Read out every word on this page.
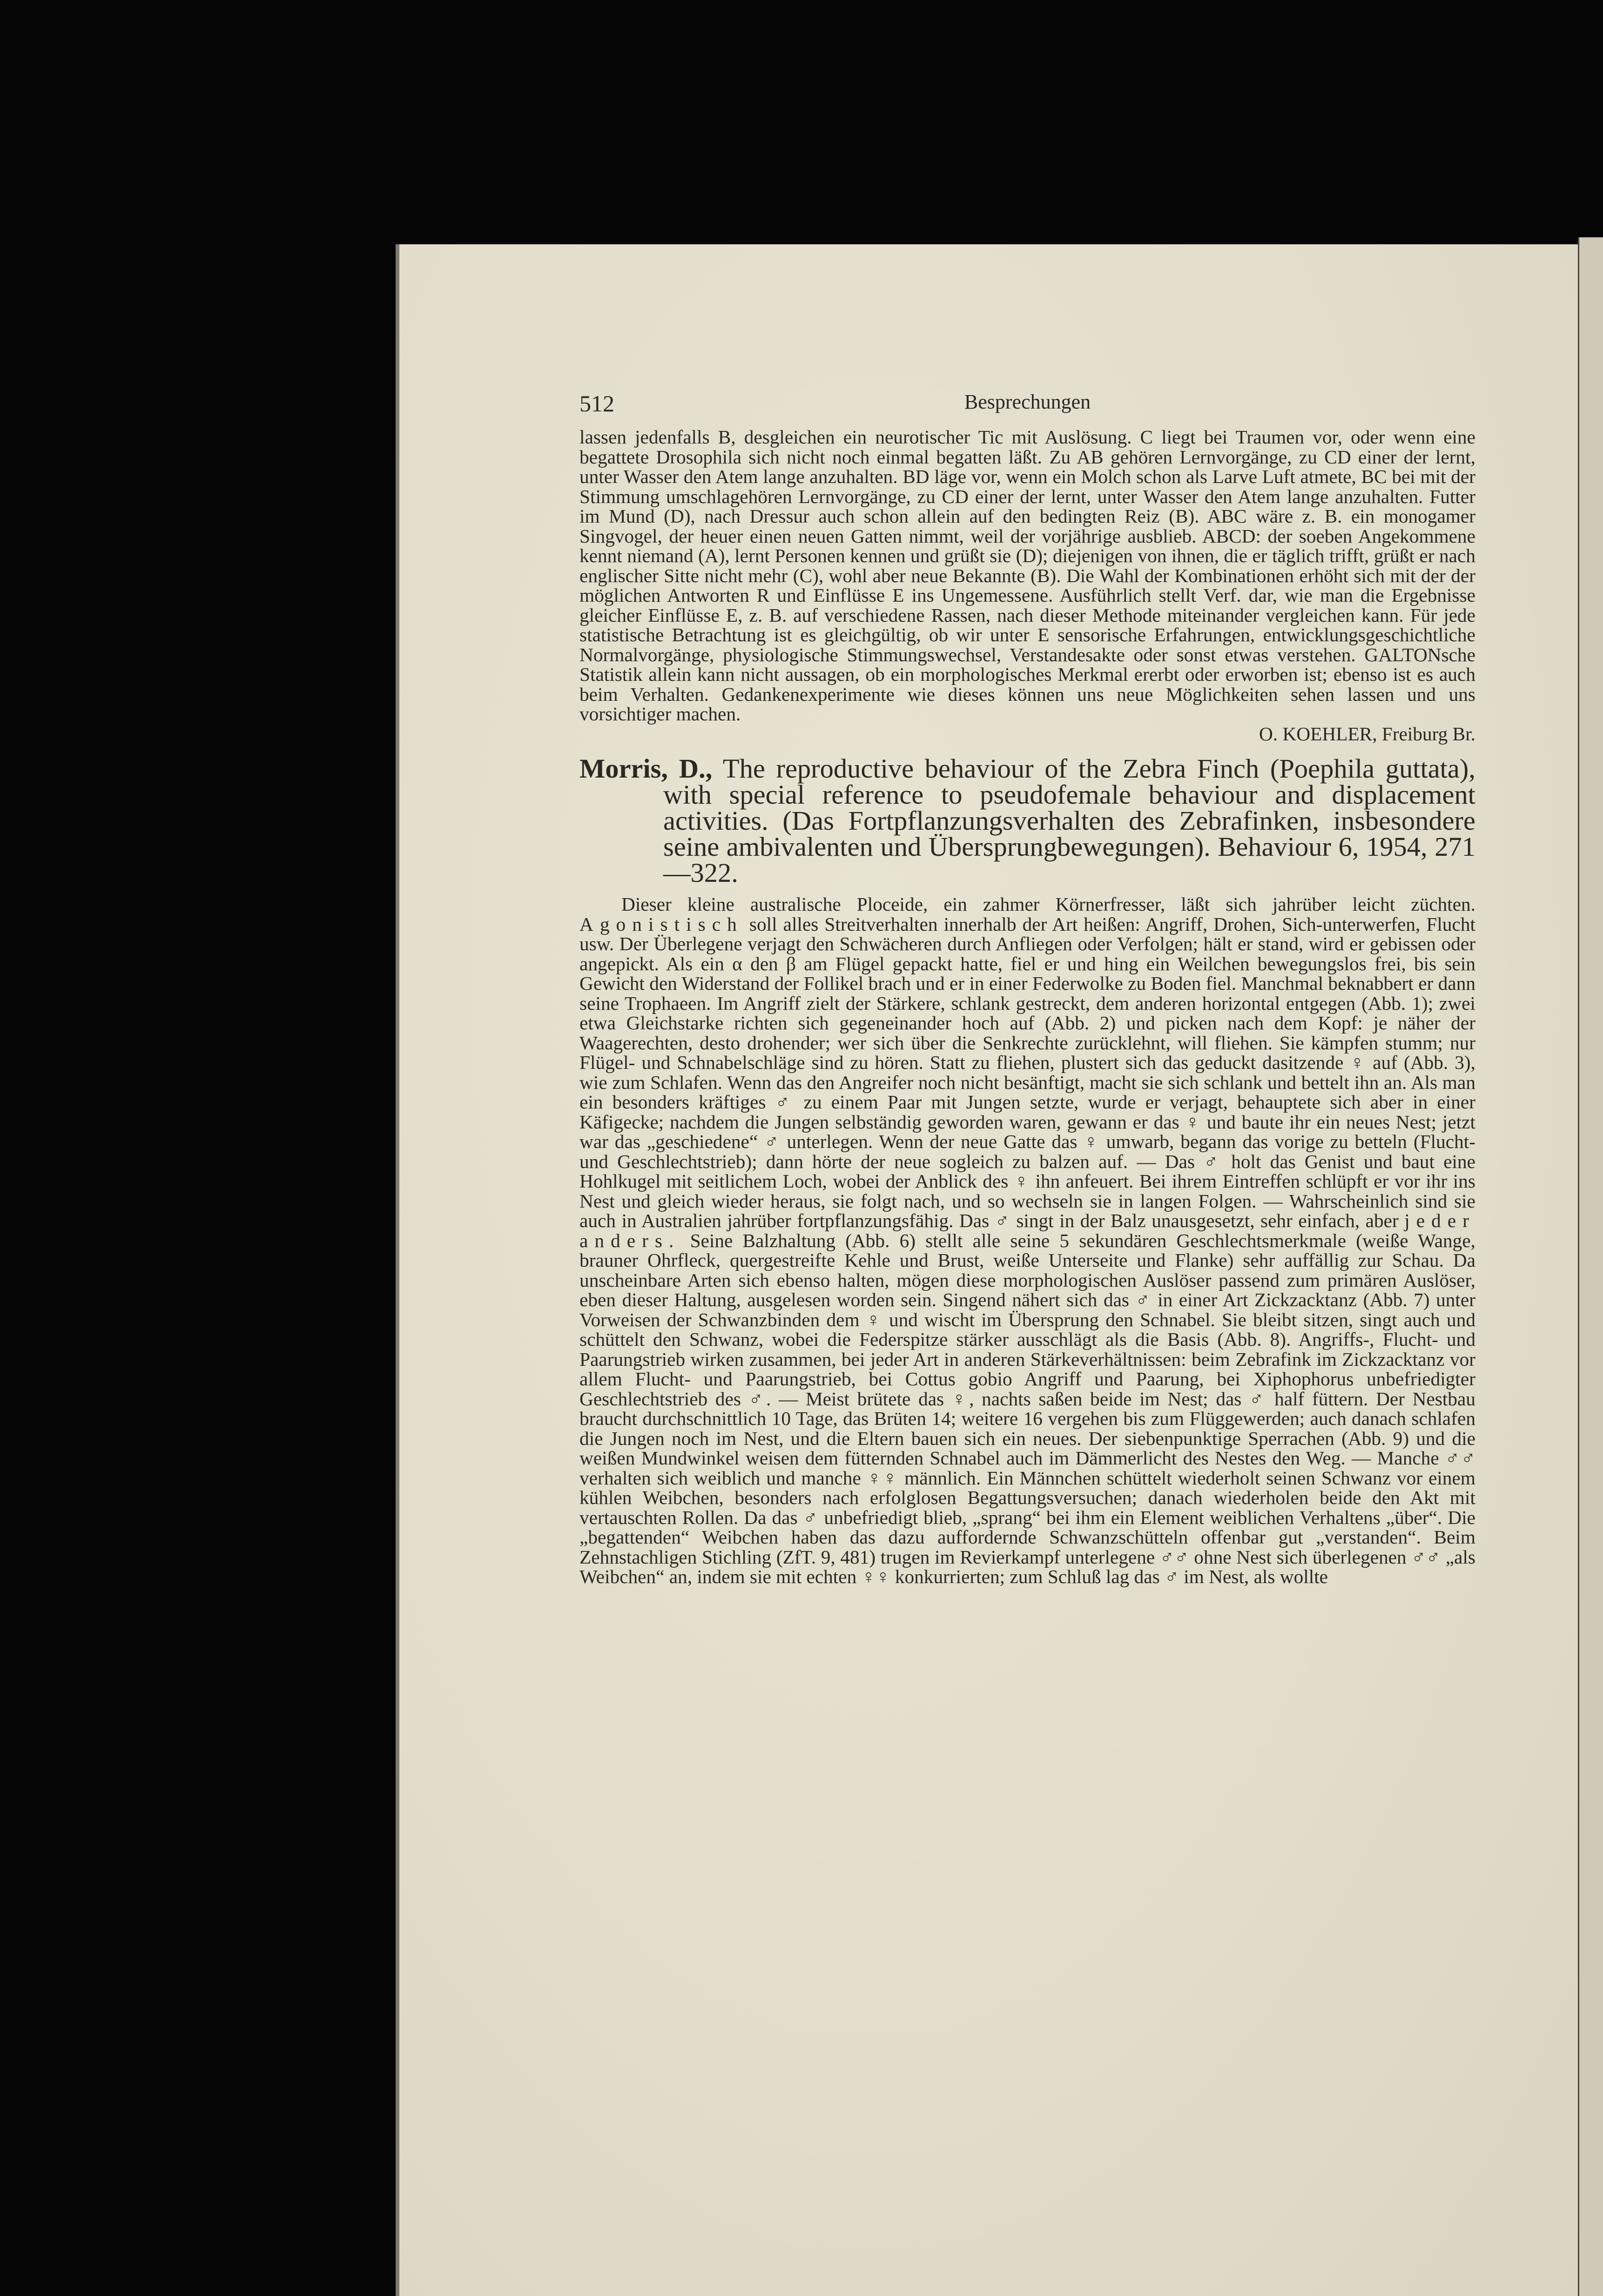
512	Besprechungen

lassen jedenfalls B, desgleichen ein neurotischer Tic mit Auslösung. C liegt bei Traumen vor, oder wenn eine begattete Drosophila sich nicht noch einmal begatten läßt. Zu AB gehören Lernvorgänge, zu CD einer der lernt, unter Wasser den Atem lange anzuhalten. BD läge vor, wenn ein Molch schon als Larve Luft atmete, BC bei mit der Stimmung umschlagehören Lernvorgänge, zu CD einer der lernt, unter Wasser den Atem lange anzuhalten. Futter im Mund (D), nach Dressur auch schon allein auf den bedingten Reiz (B). ABC wäre z. B. ein monogamer Singvogel, der heuer einen neuen Gatten nimmt, weil der vorjährige ausblieb. ABCD: der soeben Angekommene kennt niemand (A), lernt Personen kennen und grüßt sie (D); diejenigen von ihnen, die er täglich trifft, grüßt er nach englischer Sitte nicht mehr (C), wohl aber neue Bekannte (B). Die Wahl der Kombinationen erhöht sich mit der der möglichen Antworten R und Einflüsse E ins Ungemessene. Ausführlich stellt Verf. dar, wie man die Ergebnisse gleicher Einflüsse E, z. B. auf verschiedene Rassen, nach dieser Methode miteinander vergleichen kann. Für jede statistische Betrachtung ist es gleichgültig, ob wir unter E sensorische Erfahrungen, entwicklungsgeschichtliche Normalvorgänge, physiologische Stimmungswechsel, Verstandesakte oder sonst etwas verstehen. GALTONsche Statistik allein kann nicht aussagen, ob ein morphologisches Merkmal ererbt oder erworben ist; ebenso ist es auch beim Verhalten. Gedankenexperimente wie dieses können uns neue Möglichkeiten sehen lassen und uns vorsichtiger machen.

O. KOEHLER, Freiburg Br.

Morris, D., The reproductive behaviour of the Zebra Finch (Poephila guttata), with special reference to pseudofemale behaviour and displacement activities. (Das Fortpflanzungsverhalten des Zebrafinken, insbesondere seine ambivalenten und Übersprungbewegungen). Behaviour 6, 1954, 271—322.

Dieser kleine australische Ploceide, ein zahmer Körnerfresser, läßt sich jahrüber leicht züchten. Agonistisch soll alles Streitverhalten innerhalb der Art heißen: Angriff, Drohen, Sich-unterwerfen, Flucht usw. Der Überlegene verjagt den Schwächeren durch Anfliegen oder Verfolgen; hält er stand, wird er gebissen oder angepickt. Als ein α den β am Flügel gepackt hatte, fiel er und hing ein Weilchen bewegungslos frei, bis sein Gewicht den Widerstand der Follikel brach und er in einer Federwolke zu Boden fiel. Manchmal beknabbert er dann seine Trophaeen. Im Angriff zielt der Stärkere, schlank gestreckt, dem anderen horizontal entgegen (Abb. 1); zwei etwa Gleichstarke richten sich gegeneinander hoch auf (Abb. 2) und picken nach dem Kopf: je näher der Waagerechten, desto drohender; wer sich über die Senkrechte zurücklehnt, will fliehen. Sie kämpfen stumm; nur Flügel- und Schnabelschläge sind zu hören. Statt zu fliehen, plustert sich das geduckt dasitzende ♀ auf (Abb. 3), wie zum Schlafen. Wenn das den Angreifer noch nicht besänftigt, macht sie sich schlank und bettelt ihn an. Als man ein besonders kräftiges ♂ zu einem Paar mit Jungen setzte, wurde er verjagt, behauptete sich aber in einer Käfigecke; nachdem die Jungen selbständig geworden waren, gewann er das ♀ und baute ihr ein neues Nest; jetzt war das „geschiedene“ ♂ unterlegen. Wenn der neue Gatte das ♀ umwarb, begann das vorige zu betteln (Flucht- und Geschlechtstrieb); dann hörte der neue sogleich zu balzen auf. — Das ♂ holt das Genist und baut eine Hohlkugel mit seitlichem Loch, wobei der Anblick des ♀ ihn anfeuert. Bei ihrem Eintreffen schlüpft er vor ihr ins Nest und gleich wieder heraus, sie folgt nach, und so wechseln sie in langen Folgen. — Wahrscheinlich sind sie auch in Australien jahrüber fortpflanzungsfähig. Das ♂ singt in der Balz unausgesetzt, sehr einfach, aber jeder anders. Seine Balzhaltung (Abb. 6) stellt alle seine 5 sekundären Geschlechtsmerkmale (weiße Wange, brauner Ohrfleck, quergestreifte Kehle und Brust, weiße Unterseite und Flanke) sehr auffällig zur Schau. Da unscheinbare Arten sich ebenso halten, mögen diese morphologischen Auslöser passend zum primären Auslöser, eben dieser Haltung, ausgelesen worden sein. Singend nähert sich das ♂ in einer Art Zickzacktanz (Abb. 7) unter Vorweisen der Schwanzbinden dem ♀ und wischt im Übersprung den Schnabel. Sie bleibt sitzen, singt auch und schüttelt den Schwanz, wobei die Federspitze stärker ausschlägt als die Basis (Abb. 8). Angriffs-, Flucht- und Paarungstrieb wirken zusammen, bei jeder Art in anderen Stärkeverhältnissen: beim Zebrafink im Zickzacktanz vor allem Flucht- und Paarungstrieb, bei Cottus gobio Angriff und Paarung, bei Xiphophorus unbefriedigter Geschlechtstrieb des ♂. — Meist brütete das ♀, nachts saßen beide im Nest; das ♂ half füttern. Der Nestbau braucht durchschnittlich 10 Tage, das Brüten 14; weitere 16 vergehen bis zum Flüggewerden; auch danach schlafen die Jungen noch im Nest, und die Eltern bauen sich ein neues. Der siebenpunktige Sperrachen (Abb. 9) und die weißen Mundwinkel weisen dem fütternden Schnabel auch im Dämmerlicht des Nestes den Weg. — Manche ♂♂ verhalten sich weiblich und manche ♀♀ männlich. Ein Männchen schüttelt wiederholt seinen Schwanz vor einem kühlen Weibchen, besonders nach erfolglosen Begattungsversuchen; danach wiederholen beide den Akt mit vertauschten Rollen. Da das ♂ unbefriedigt blieb, „sprang“ bei ihm ein Element weiblichen Verhaltens „über“. Die „begattenden“ Weibchen haben das dazu auffordernde Schwanzschütteln offenbar gut „verstanden“. Beim Zehnstachligen Stichling (ZfT. 9, 481) trugen im Revierkampf unterlegene ♂♂ ohne Nest sich überlegenen ♂♂ „als Weibchen“ an, indem sie mit echten ♀♀ konkurrierten; zum Schluß lag das ♂ im Nest, als wollte
